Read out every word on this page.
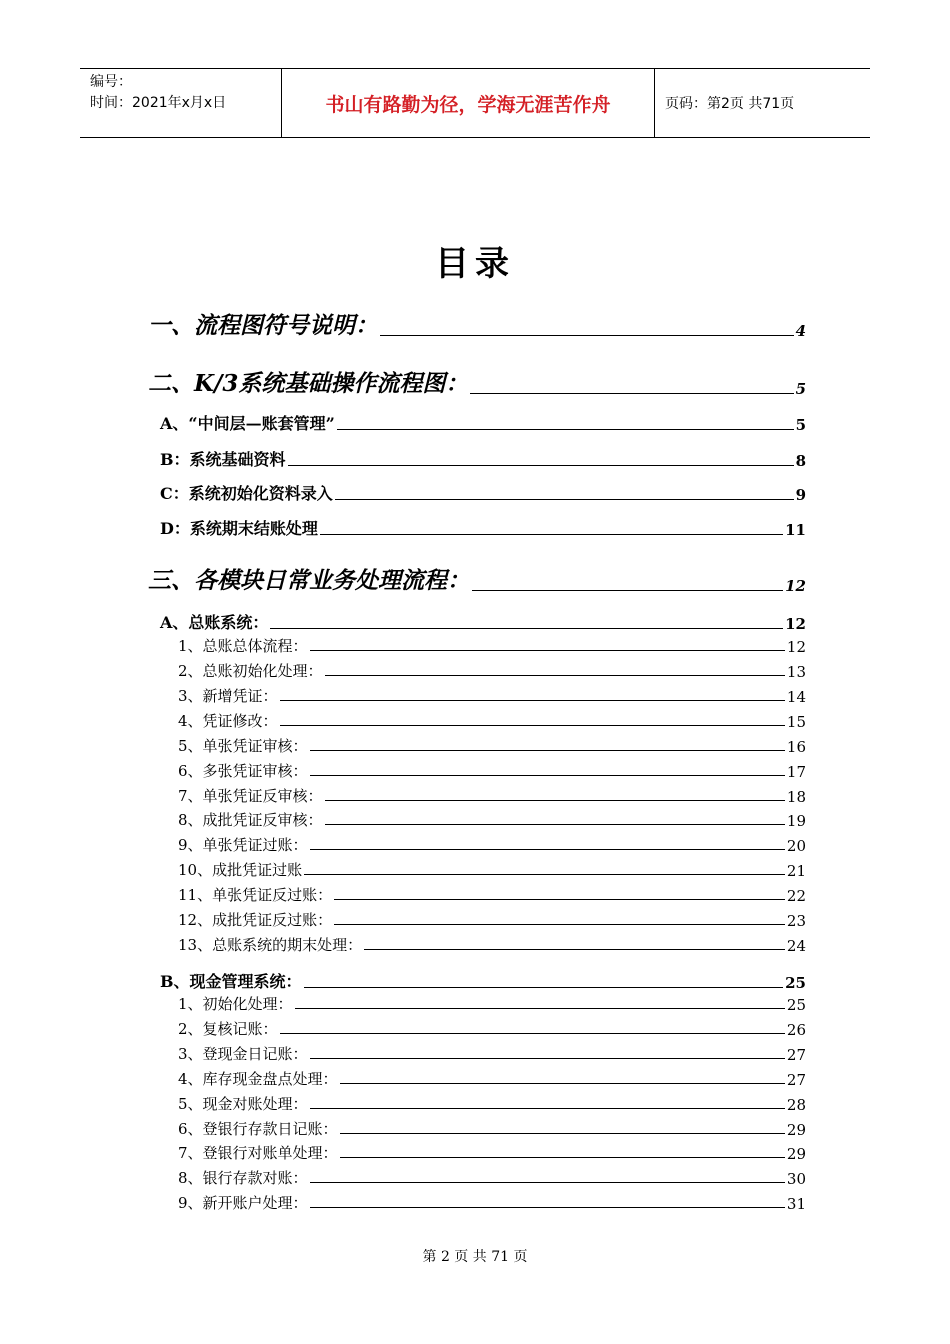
编号：
时间：2021年x月x日	书山有路勤为径，学海无涯苦作舟	页码：第2页 共71页
目录
一、流程图符号说明：	4
二、K/3系统基础操作流程图：	5
A、“中间层—账套管理”	5
B：系统基础资料	8
C：系统初始化资料录入	9
D：系统期末结账处理	11
三、各模块日常业务处理流程：	12
A、总账系统：	12
1、总账总体流程：	12
2、总账初始化处理：	13
3、新增凭证：	14
4、凭证修改：	15
5、单张凭证审核：	16
6、多张凭证审核：	17
7、单张凭证反审核：	18
8、成批凭证反审核：	19
9、单张凭证过账：	20
10、成批凭证过账	21
11、单张凭证反过账：	22
12、成批凭证反过账：	23
13、总账系统的期末处理：	24
B、现金管理系统：	25
1、初始化处理：	25
2、复核记账：	26
3、登现金日记账：	27
4、库存现金盘点处理：	27
5、现金对账处理：	28
6、登银行存款日记账：	29
7、登银行对账单处理：	29
8、银行存款对账：	30
9、新开账户处理：	31
第 2 页 共 71 页
